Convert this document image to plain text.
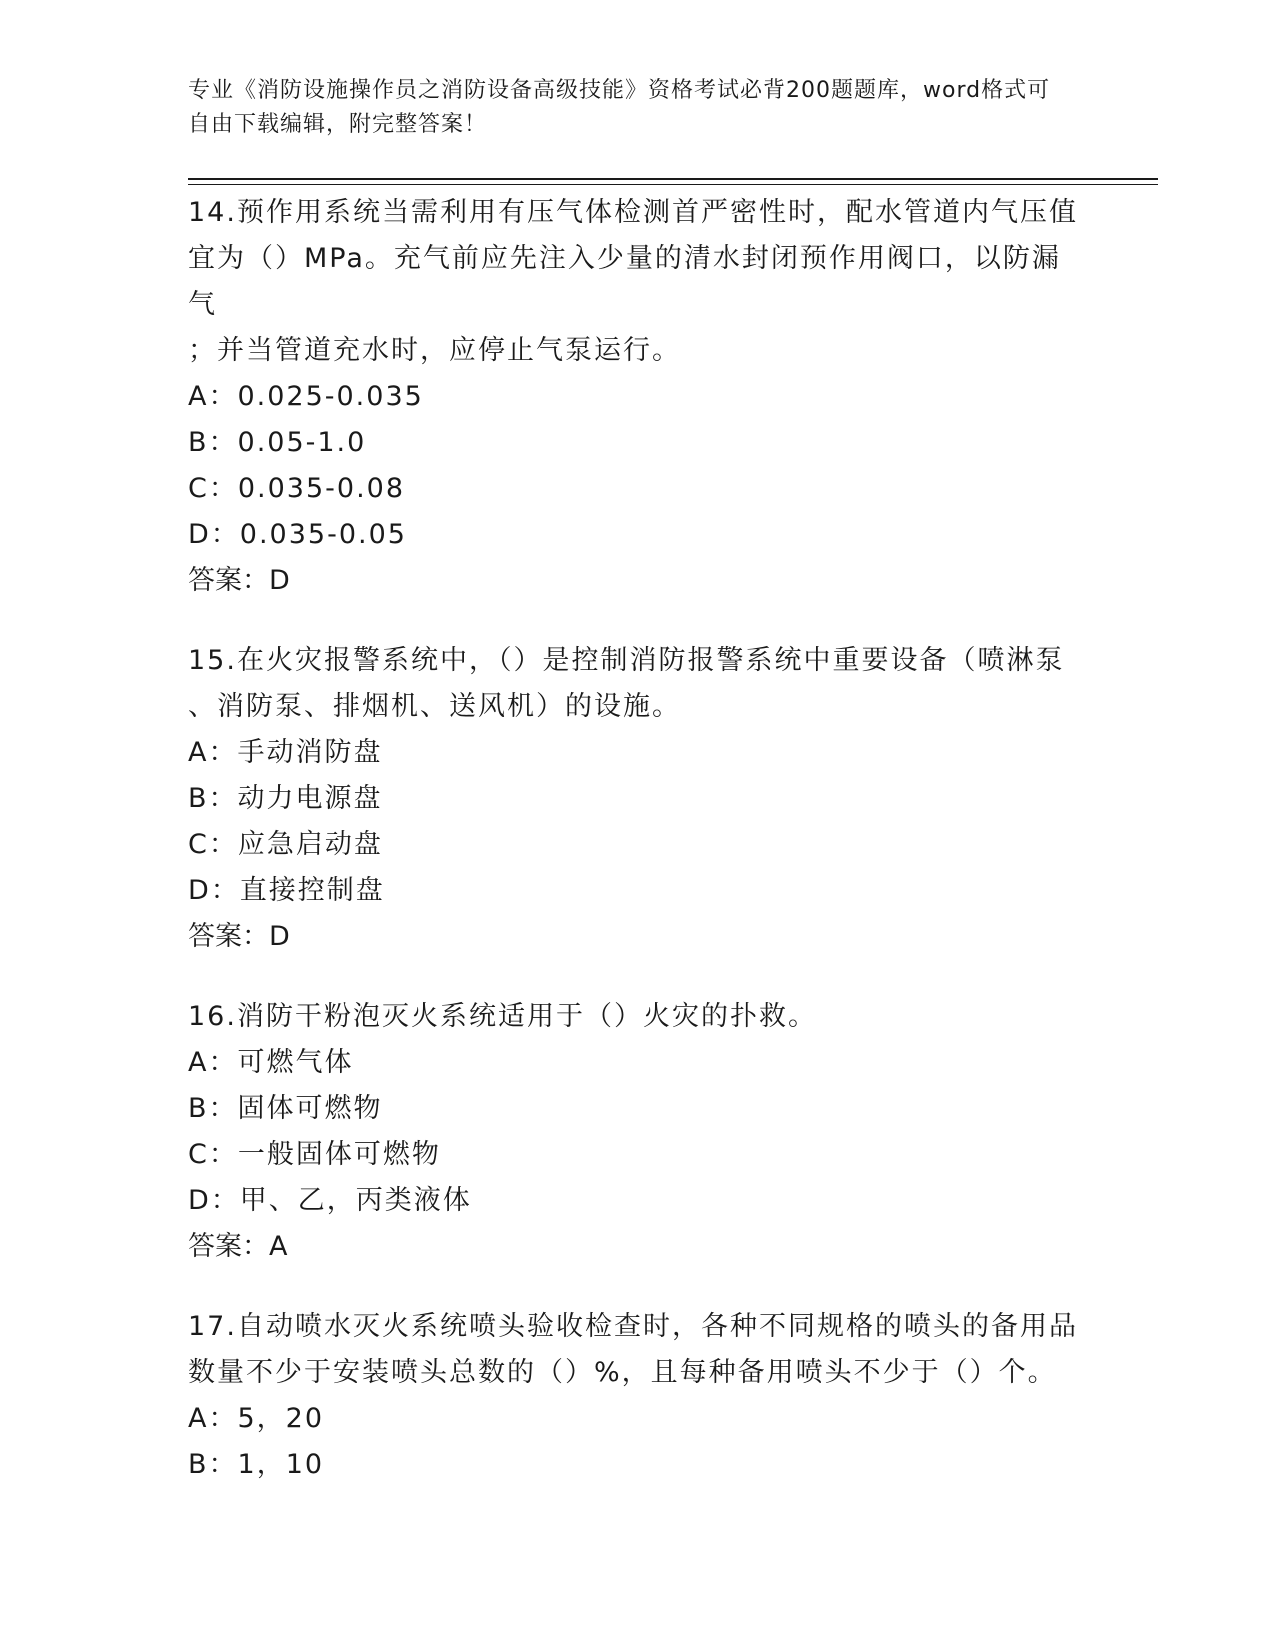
专业《消防设施操作员之消防设备高级技能》资格考试必背200题题库，word格式可自由下载编辑，附完整答案！

14.预作用系统当需利用有压气体检测首严密性时，配水管道内气压值
宜为（）MPa。充气前应先注入少量的清水封闭预作用阀口，以防漏气
；并当管道充水时，应停止气泵运行。

A：0.025-0.035

B：0.05-1.0

C：0.035-0.08

D：0.035-0.05

答案：D

15.在火灾报警系统中，（）是控制消防报警系统中重要设备（喷淋泵
、消防泵、排烟机、送风机）的设施。

A：手动消防盘

B：动力电源盘

C：应急启动盘

D：直接控制盘

答案：D

16.消防干粉泡灭火系统适用于（）火灾的扑救。

A：可燃气体

B：固体可燃物

C：一般固体可燃物

D：甲、乙，丙类液体

答案：A

17.自动喷水灭火系统喷头验收检查时，各种不同规格的喷头的备用品
数量不少于安装喷头总数的（）%，且每种备用喷头不少于（）个。

A：5，20

B：1，10
